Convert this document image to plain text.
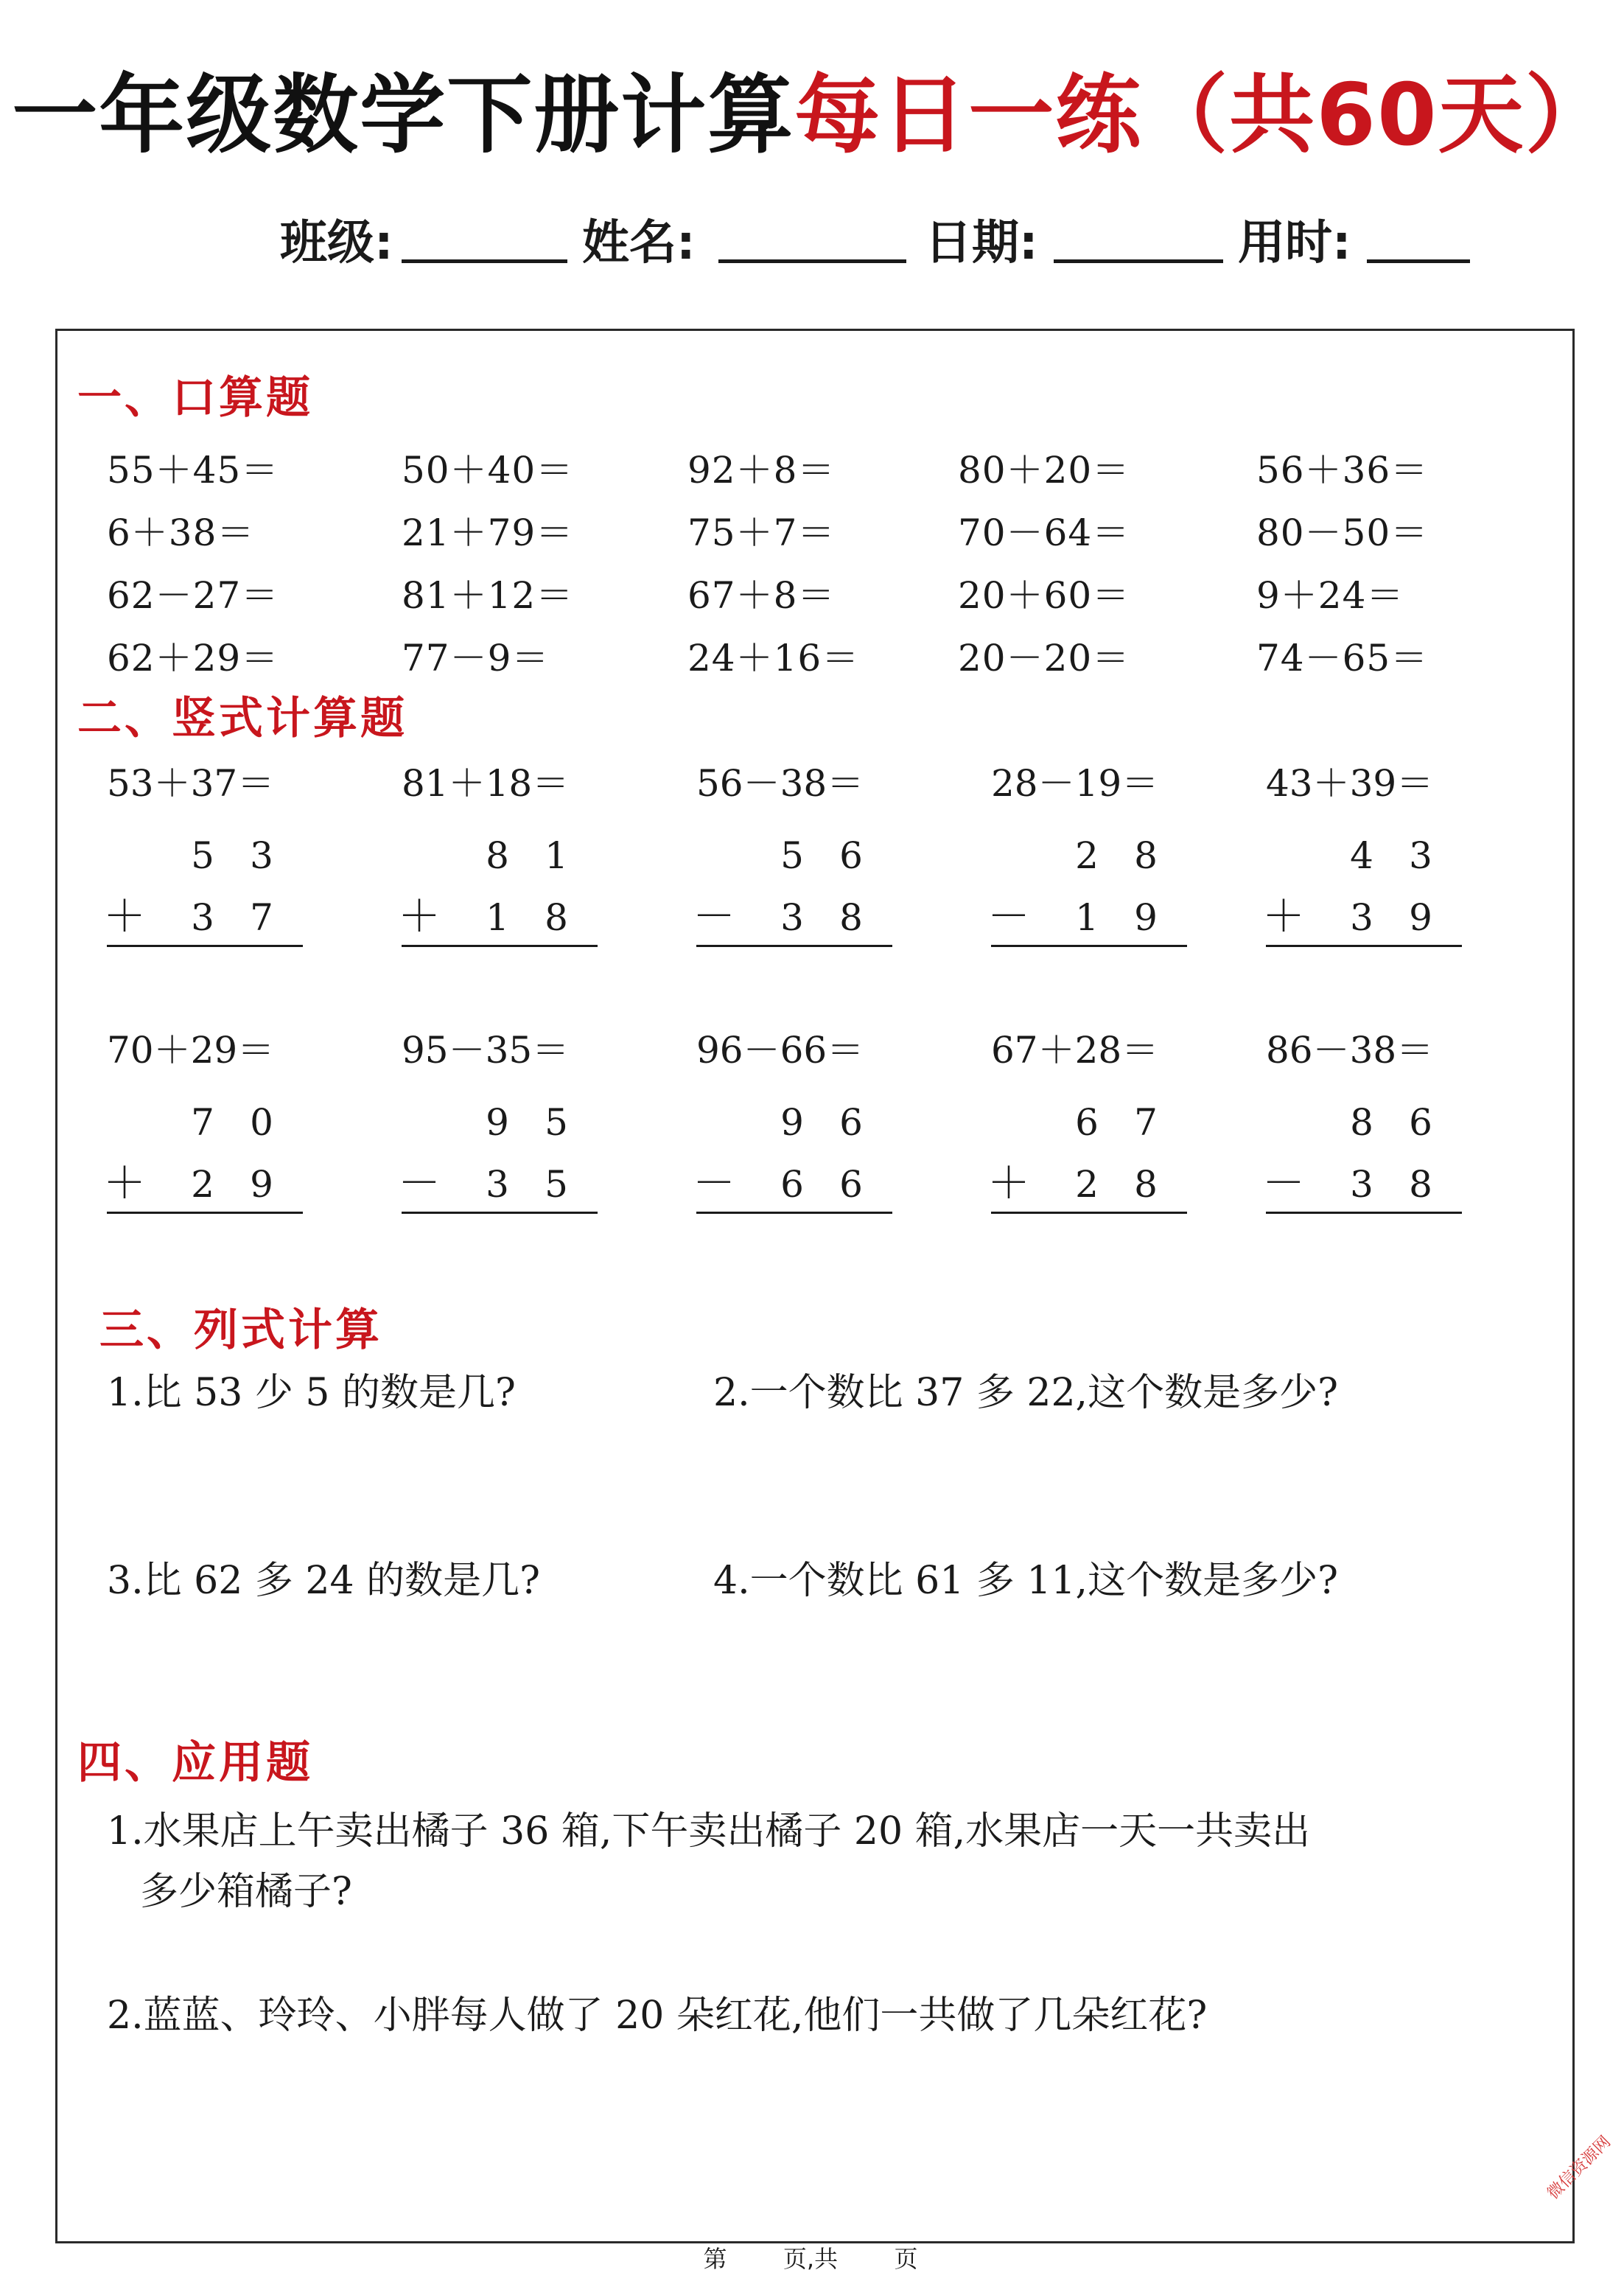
一年级数学下册计算每日一练（共60天）
班级:	姓名:	日期:	用时:
一、口算题
55＋45＝	50＋40＝	92＋8＝	80＋20＝	56＋36＝
6＋38＝	21＋79＝	75＋7＝	70－64＝	80－50＝
62－27＝	81＋12＝	67＋8＝	20＋60＝	9＋24＝
62＋29＝	77－9＝	24＋16＝	20－20＝	74－65＝
二、竖式计算题
53＋37＝
5 3
＋ 3 7
81＋18＝
8 1
＋ 1 8
56－38＝
5 6
－ 3 8
28－19＝
2 8
－ 1 9
43＋39＝
4 3
＋ 3 9
70＋29＝
7 0
＋ 2 9
95－35＝
9 5
－ 3 5
96－66＝
9 6
－ 6 6
67＋28＝
6 7
＋ 2 8
86－38＝
8 6
－ 3 8
三、列式计算
1.比 53 少 5 的数是几?	2.一个数比 37 多 22,这个数是多少?
3.比 62 多 24 的数是几?	4.一个数比 61 多 11,这个数是多少?
四、应用题
1.水果店上午卖出橘子 36 箱,下午卖出橘子 20 箱,水果店一天一共卖出
多少箱橘子?
2.蓝蓝、玲玲、小胖每人做了 20 朵红花,他们一共做了几朵红花?
第 页,共 页
微信资源网
